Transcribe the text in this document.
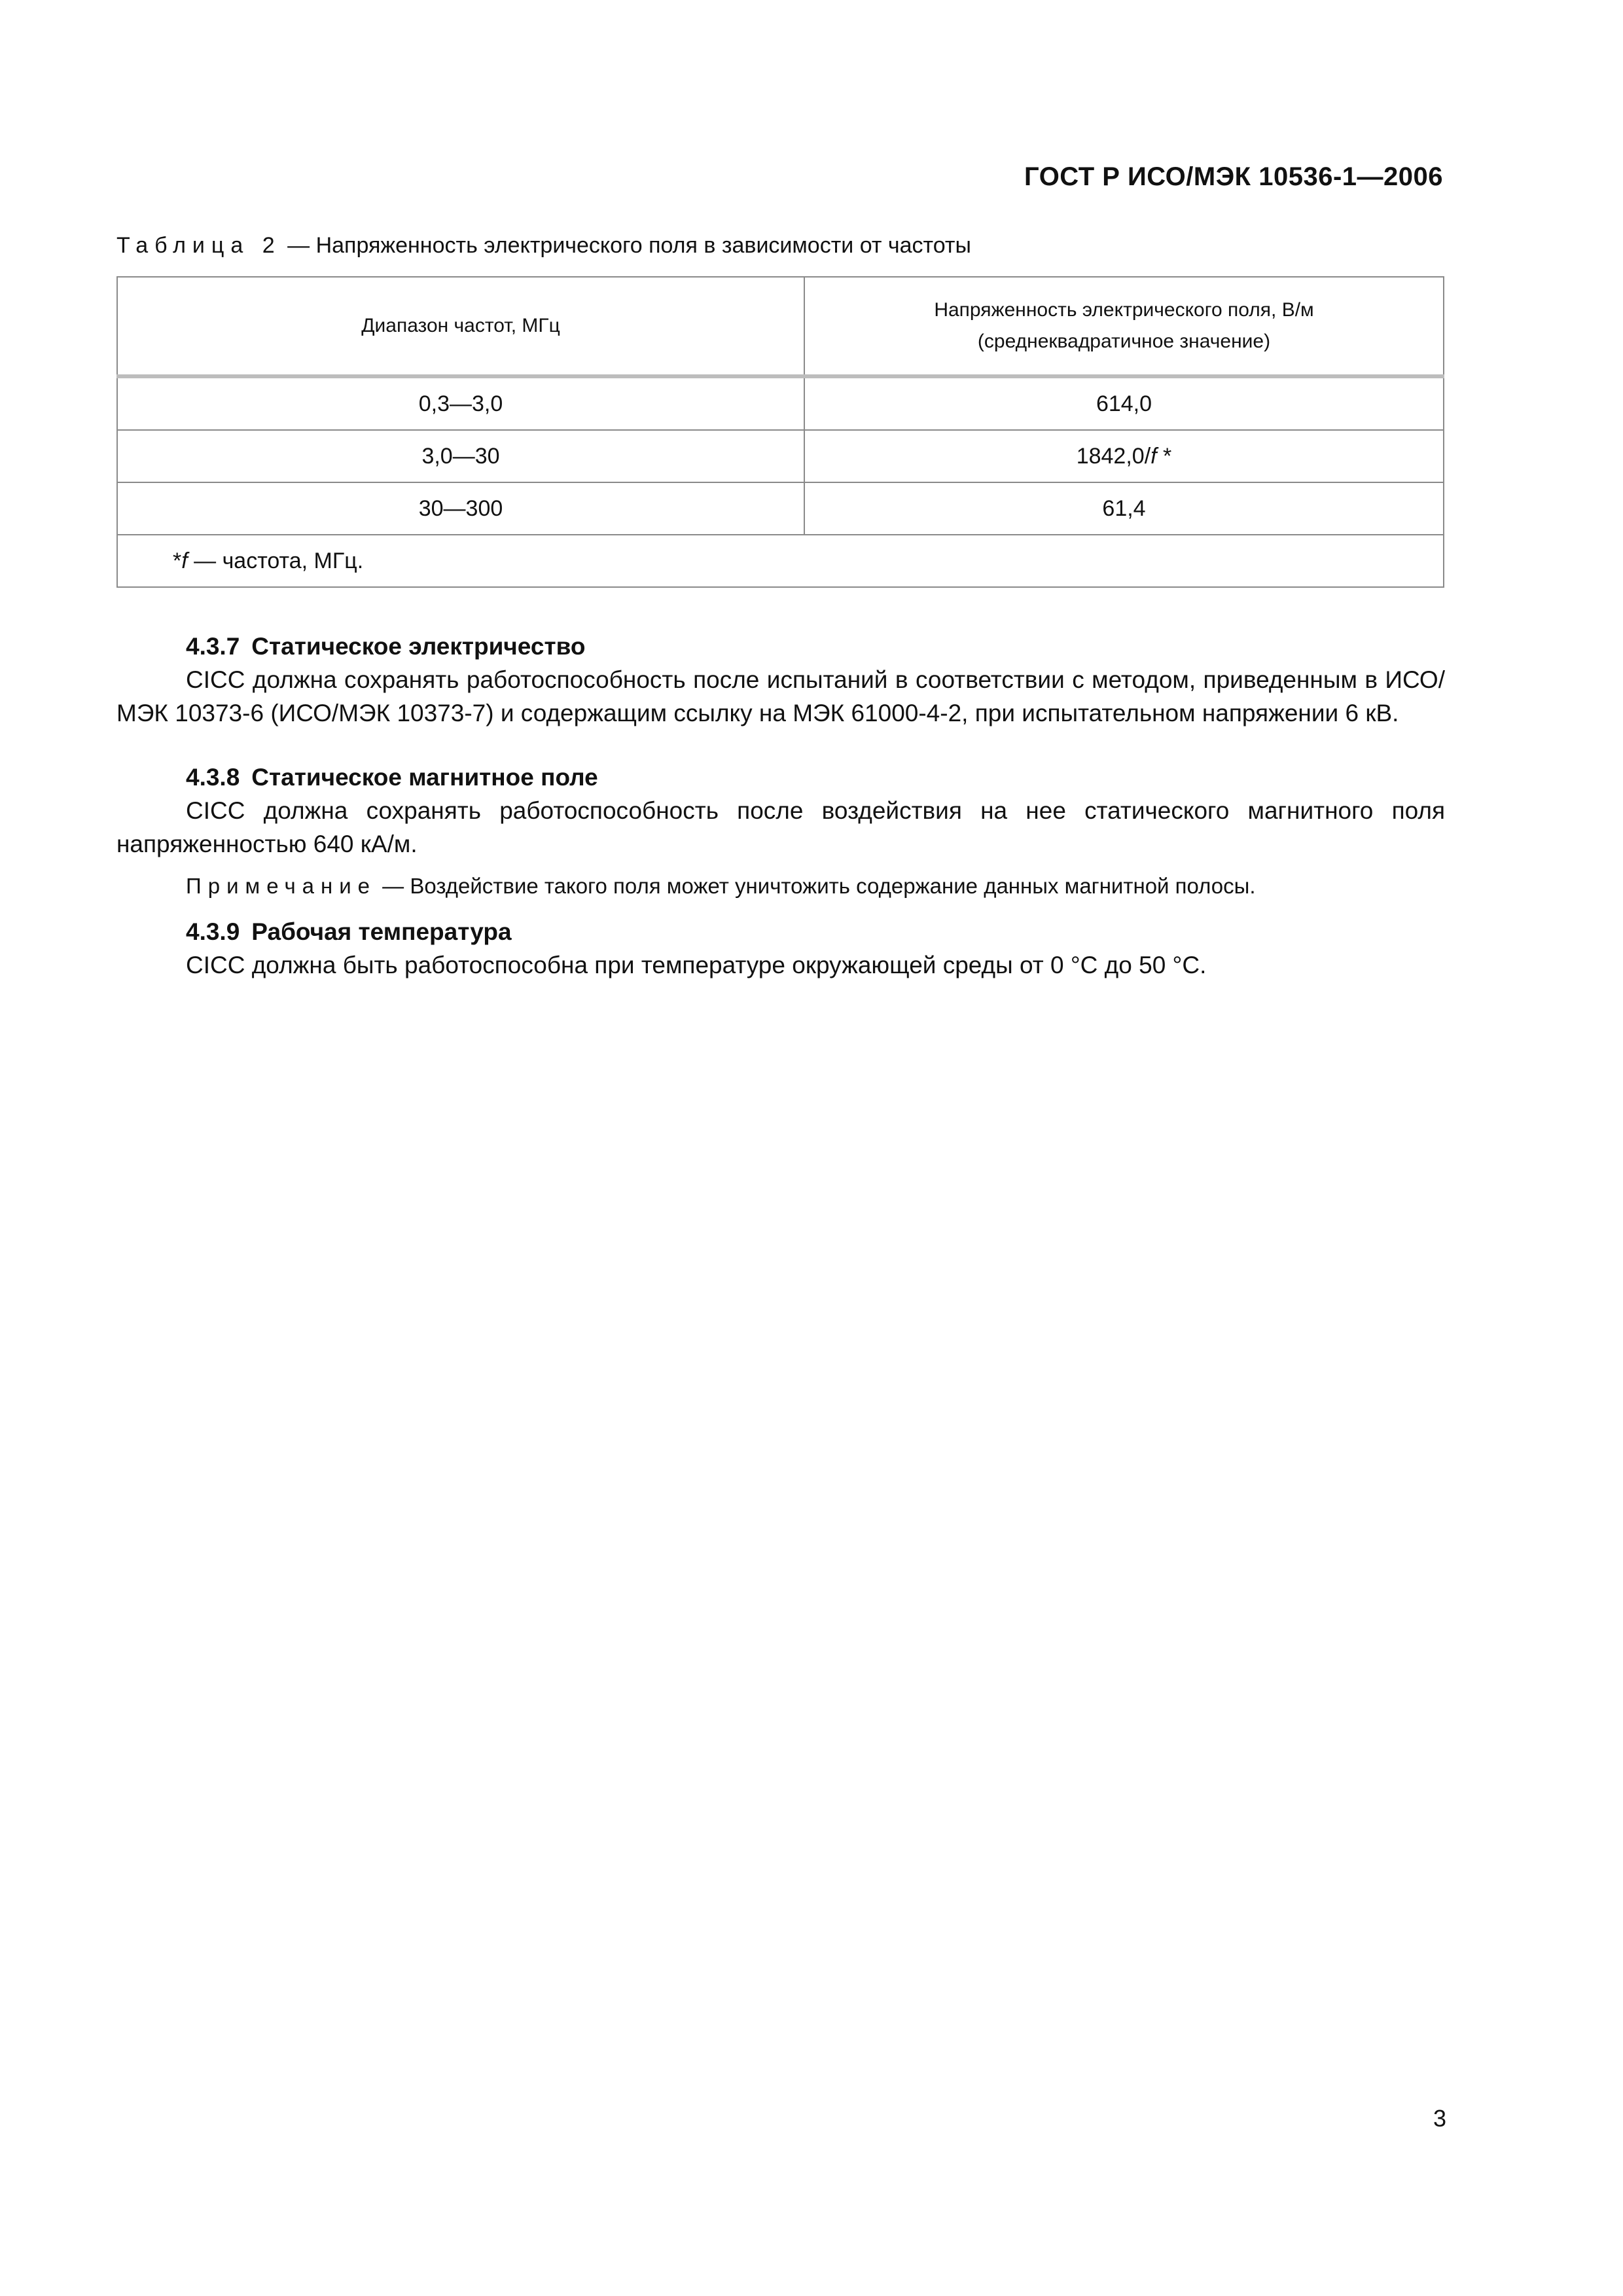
ГОСТ Р ИСО/МЭК 10536-1—2006
Таблица 2 — Напряженность электрического поля в зависимости от частоты
Диапазон частот, МГц	Напряженность электрического поля, В/м
(среднеквадратичное значение)

0,3—3,0	614,0
3,0—30	1842,0/f *
30—300	61,4
*f — частота, МГц.	
4.3.7 Статическое электричество
CICC должна сохранять работоспособность после испытаний в соответствии с методом, приведенным в ИСО/МЭК 10373-6 (ИСО/МЭК 10373-7) и содержащим ссылку на МЭК 61000-4-2, при испытательном напряжении 6 кВ.
4.3.8 Статическое магнитное поле
CICC должна сохранять работоспособность после воздействия на нее статического магнитного поля напряженностью 640 кА/м.
Примечание — Воздействие такого поля может уничтожить содержание данных магнитной полосы.
4.3.9 Рабочая температура
CICC должна быть работоспособна при температуре окружающей среды от 0 °С до 50 °С.
3
